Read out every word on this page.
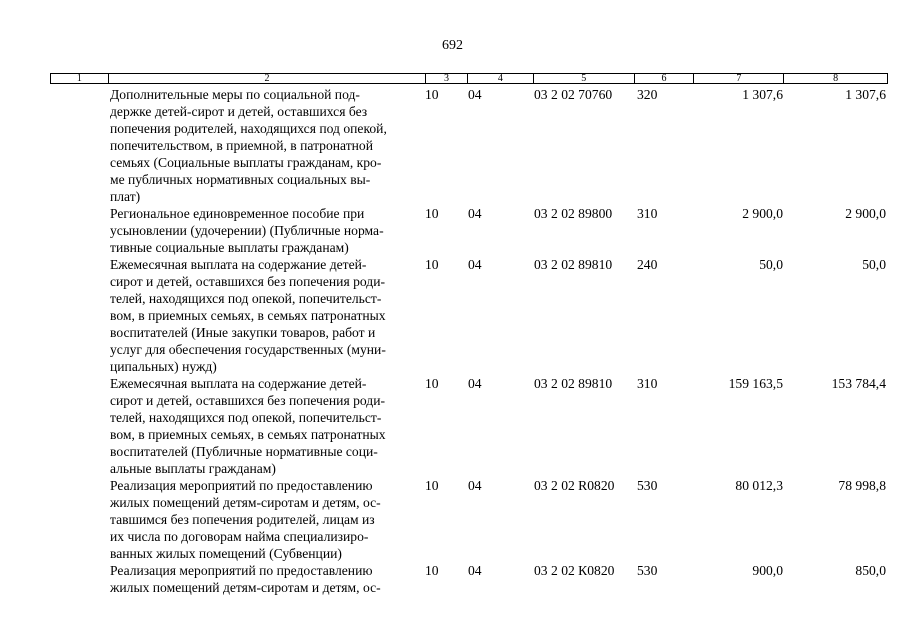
692
1	2	3	4	5	6	7	8
Дополнительные меры по социальной под-
держке детей-сирот и детей, оставшихся без
попечения родителей, находящихся под опекой,
попечительством, в приемной, в патронатной
семьях (Социальные выплаты гражданам, кро-
ме публичных нормативных социальных вы-
плат)
10 04	03 2 02 70760 320	1 307,6	1 307,6
Региональное единовременное пособие при
усыновлении (удочерении) (Публичные норма-
тивные социальные выплаты гражданам)
10 04	03 2 02 89800 310	2 900,0	2 900,0
Ежемесячная выплата на содержание детей-
сирот и детей, оставшихся без попечения роди-
телей, находящихся под опекой, попечительст-
вом, в приемных семьях, в семьях патронатных
воспитателей (Иные закупки товаров, работ и
услуг для обеспечения государственных (муни-
ципальных) нужд)
10 04	03 2 02 89810 240	50,0	50,0
Ежемесячная выплата на содержание детей-
сирот и детей, оставшихся без попечения роди-
телей, находящихся под опекой, попечительст-
вом, в приемных семьях, в семьях патронатных
воспитателей (Публичные нормативные соци-
альные выплаты гражданам)
10 04	03 2 02 89810 310	159 163,5	153 784,4
Реализация мероприятий по предоставлению
жилых помещений детям-сиротам и детям, ос-
тавшимся без попечения родителей, лицам из
их числа по договорам найма специализиро-
ванных жилых помещений (Субвенции)
10 04	03 2 02 R0820 530	80 012,3	78 998,8
Реализация мероприятий по предоставлению
жилых помещений детям-сиротам и детям, ос-
10 04	03 2 02 К0820 530	900,0	850,0
